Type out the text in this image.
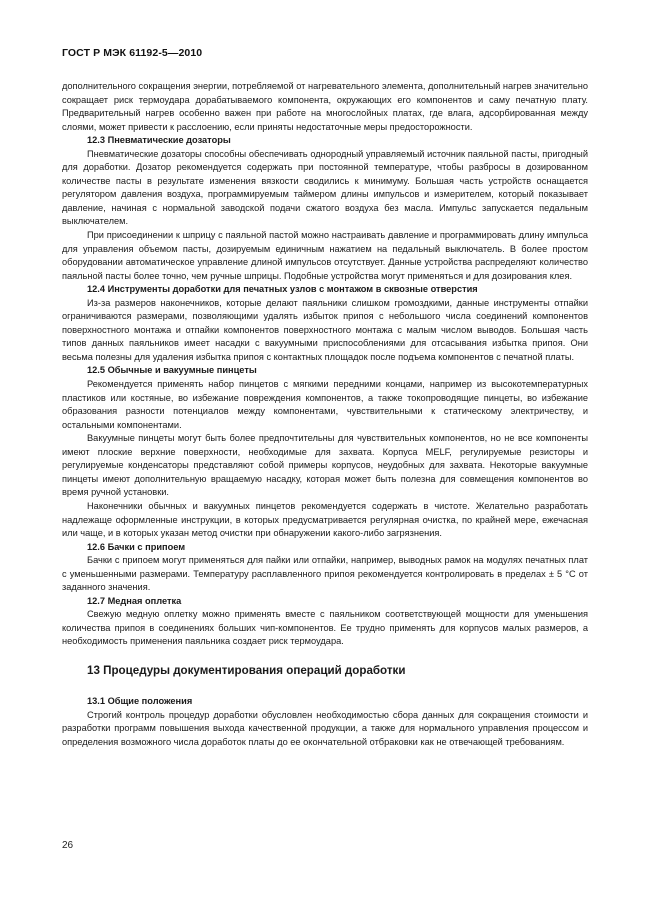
ГОСТ Р МЭК 61192-5—2010

дополнительного сокращения энергии, потребляемой от нагревательного элемента, дополнительный нагрев значительно сокращает риск термоудара дорабатываемого компонента, окружающих его компонентов и саму печатную плату. Предварительный нагрев особенно важен при работе на многослойных платах, где влага, адсорбированная между слоями, может привести к расслоению, если приняты недостаточные меры предосторожности.

12.3 Пневматические дозаторы

Пневматические дозаторы способны обеспечивать однородный управляемый источник паяльной пасты, пригодный для доработки. Дозатор рекомендуется содержать при постоянной температуре, чтобы разбросы в дозированном количестве пасты в результате изменения вязкости сводились к минимуму. Большая часть устройств оснащается регулятором давления воздуха, программируемым таймером длины импульсов и измерителем, который показывает давление, начиная с нормальной заводской подачи сжатого воздуха без масла. Импульс запускается педальным выключателем.

При присоединении к шприцу с паяльной пастой можно настраивать давление и программировать длину импульса для управления объемом пасты, дозируемым единичным нажатием на педальный выключатель. В более простом оборудовании автоматическое управление длиной импульсов отсутствует. Данные устройства распределяют количество паяльной пасты более точно, чем ручные шприцы. Подобные устройства могут применяться и для дозирования клея.

12.4 Инструменты доработки для печатных узлов с монтажом в сквозные отверстия

Из-за размеров наконечников, которые делают паяльники слишком громоздкими, данные инструменты отпайки ограничиваются размерами, позволяющими удалять избыток припоя с небольшого числа соединений компонентов поверхностного монтажа и отпайки компонентов поверхностного монтажа с малым числом выводов. Большая часть типов данных паяльников имеет насадки с вакуумными приспособлениями для отсасывания избытка припоя. Они весьма полезны для удаления избытка припоя с контактных площадок после подъема компонентов с печатной платы.

12.5 Обычные и вакуумные пинцеты

Рекомендуется применять набор пинцетов с мягкими передними концами, например из высокотемпературных пластиков или костяные, во избежание повреждения компонентов, а также токопроводящие пинцеты, во избежание образования разности потенциалов между компонентами, чувствительными к статическому электричеству, и остальными компонентами.

Вакуумные пинцеты могут быть более предпочтительны для чувствительных компонентов, но не все компоненты имеют плоские верхние поверхности, необходимые для захвата. Корпуса MELF, регулируемые резисторы и регулируемые конденсаторы представляют собой примеры корпусов, неудобных для захвата. Некоторые вакуумные пинцеты имеют дополнительную вращаемую насадку, которая может быть полезна для совмещения компонентов во время ручной установки.

Наконечники обычных и вакуумных пинцетов рекомендуется содержать в чистоте. Желательно разработать надлежаще оформленные инструкции, в которых предусматривается регулярная очистка, по крайней мере, ежечасная или чаще, и в которых указан метод очистки при обнаружении какого-либо загрязнения.

12.6 Бачки с припоем

Бачки с припоем могут применяться для пайки или отпайки, например, выводных рамок на модулях печатных плат с уменьшенными размерами. Температуру расплавленного припоя рекомендуется контролировать в пределах ± 5 °С от заданного значения.

12.7 Медная оплетка

Свежую медную оплетку можно применять вместе с паяльником соответствующей мощности для уменьшения количества припоя в соединениях больших чип-компонентов. Ее трудно применять для корпусов малых размеров, а необходимость применения паяльника создает риск термоудара.

13 Процедуры документирования операций доработки

13.1 Общие положения

Строгий контроль процедур доработки обусловлен необходимостью сбора данных для сокращения стоимости и разработки программ повышения выхода качественной продукции, а также для нормального управления процессом и определения возможного числа доработок платы до ее окончательной отбраковки как не отвечающей требованиям.

26
